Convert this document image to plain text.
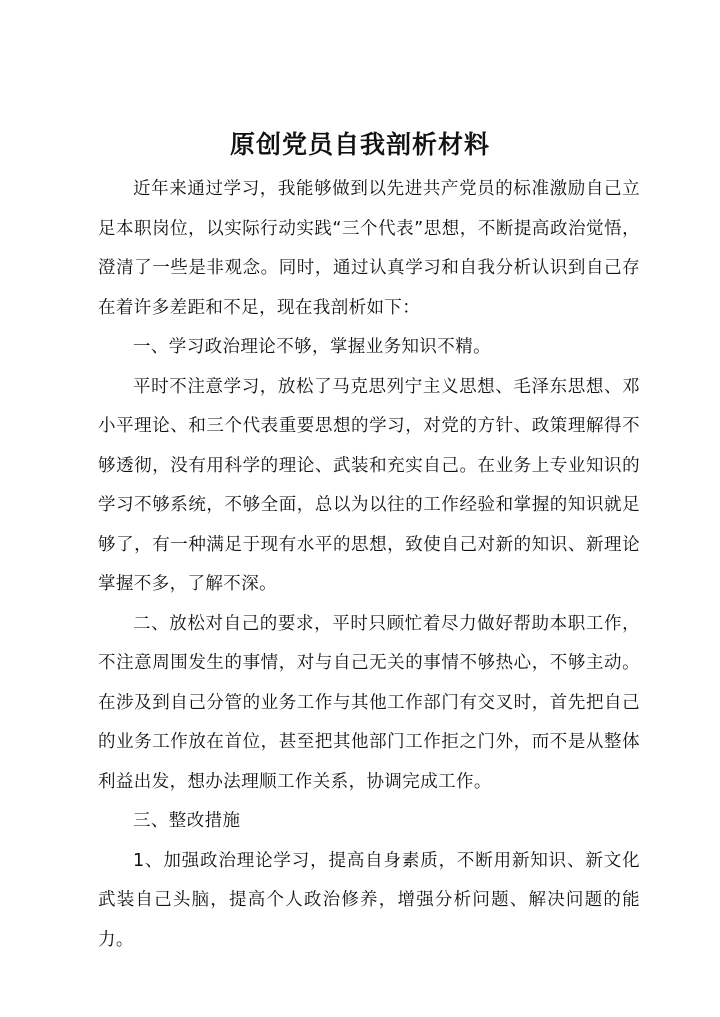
原创党员自我剖析材料

近年来通过学习，我能够做到以先进共产党员的标准激励自己立足本职岗位，以实际行动实践“三个代表”思想，不断提高政治觉悟，澄清了一些是非观念。同时，通过认真学习和自我分析认识到自己存在着许多差距和不足，现在我剖析如下：

一、学习政治理论不够，掌握业务知识不精。

平时不注意学习，放松了马克思列宁主义思想、毛泽东思想、邓小平理论、和三个代表重要思想的学习，对党的方针、政策理解得不够透彻，没有用科学的理论、武装和充实自己。在业务上专业知识的学习不够系统，不够全面，总以为以往的工作经验和掌握的知识就足够了，有一种满足于现有水平的思想，致使自己对新的知识、新理论掌握不多，了解不深。

二、放松对自己的要求，平时只顾忙着尽力做好帮助本职工作，不注意周围发生的事情，对与自己无关的事情不够热心，不够主动。在涉及到自己分管的业务工作与其他工作部门有交叉时，首先把自己的业务工作放在首位，甚至把其他部门工作拒之门外，而不是从整体利益出发，想办法理顺工作关系，协调完成工作。

三、整改措施

1、加强政治理论学习，提高自身素质，不断用新知识、新文化武装自己头脑，提高个人政治修养，增强分析问题、解决问题的能力。
